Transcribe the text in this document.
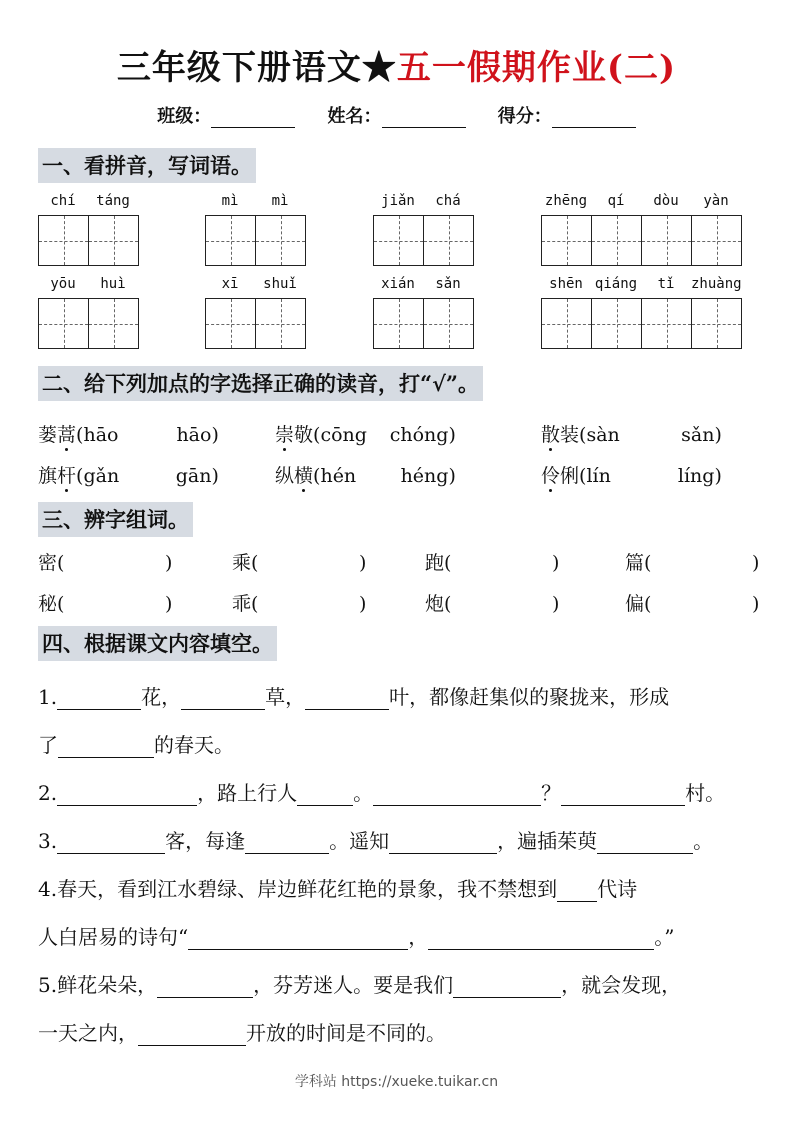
三年级下册语文★五一假期作业(二)
班级：	姓名：	得分：
一、看拼音，写词语。
chí	táng	mì	mì	jiǎn	chá	zhēng	qí	dòu	yàn
yōu	huì	xī	shuǐ	xián	sǎn	shēn qiáng	tǐ	zhuàng
二、给下列加点的字选择正确的读音，打“√”。
蒌蒿(hāo	hāo)	崇敬(cōng chóng)	散装(sàn	sǎn)
旗杆(gǎn	gān)	纵横(hén héng)	伶俐(lín	líng)
三、辨字组词。
密(	)	乘(	)	跑(	)	篇(	)
秘(	)	乖(	)	炮(	)	偏(	)
四、根据课文内容填空。
1.	花，	草，	叶，都像赶集似的聚拢来，形成
了	的春天。
2.	，路上行人	。	？	村。
3.	客，每逢	。遥知	，遍插茱萸	。
4.春天，看到江水碧绿、岸边鲜花红艳的景象，我不禁想到 代诗
人白居易的诗句“	，	。”
5.鲜花朵朵，	，芬芳迷人。要是我们	，就会发现，
一天之内，	开放的时间是不同的。
学科站 https://xueke.tuikar.cn
